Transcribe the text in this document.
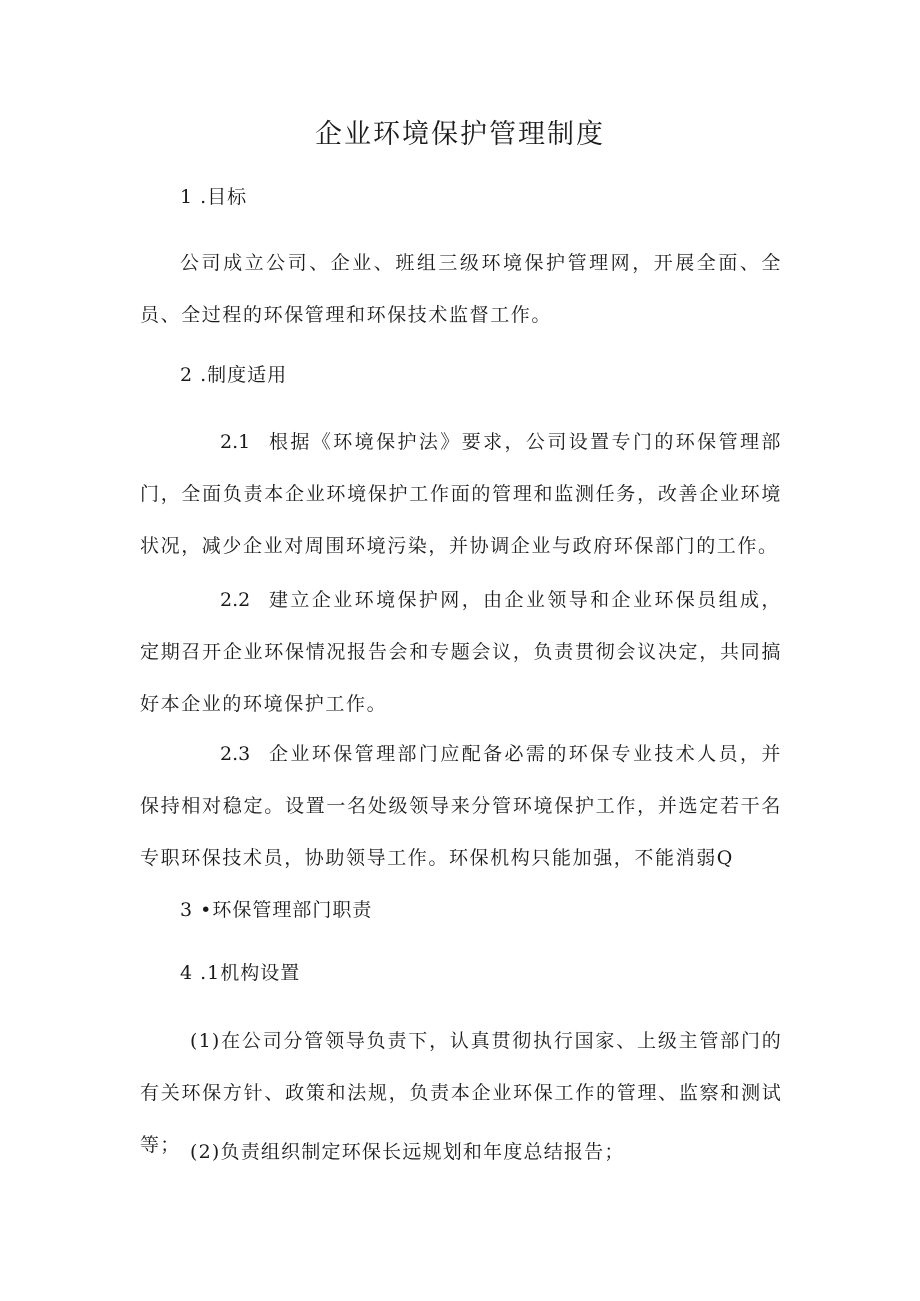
企业环境保护管理制度

1 .目标

公司成立公司、企业、班组三级环境保护管理网，开展全面、全员、全过程的环保管理和环保技术监督工作。

2 .制度适用

2.1 根据《环境保护法》要求，公司设置专门的环保管理部门，全面负责本企业环境保护工作面的管理和监测任务，改善企业环境状况，减少企业对周围环境污染，并协调企业与政府环保部门的工作。

2.2 建立企业环境保护网，由企业领导和企业环保员组成，定期召开企业环保情况报告会和专题会议，负责贯彻会议决定，共同搞好本企业的环境保护工作。

2.3 企业环保管理部门应配备必需的环保专业技术人员，并保持相对稳定。设置一名处级领导来分管环境保护工作，并选定若干名专职环保技术员，协助领导工作。环保机构只能加强，不能消弱Q

3 •环保管理部门职责

4 .1机构设置

(1)在公司分管领导负责下，认真贯彻执行国家、上级主管部门的有关环保方针、政策和法规，负责本企业环保工作的管理、监察和测试等； (2)负责组织制定环保长远规划和年度总结报告；
